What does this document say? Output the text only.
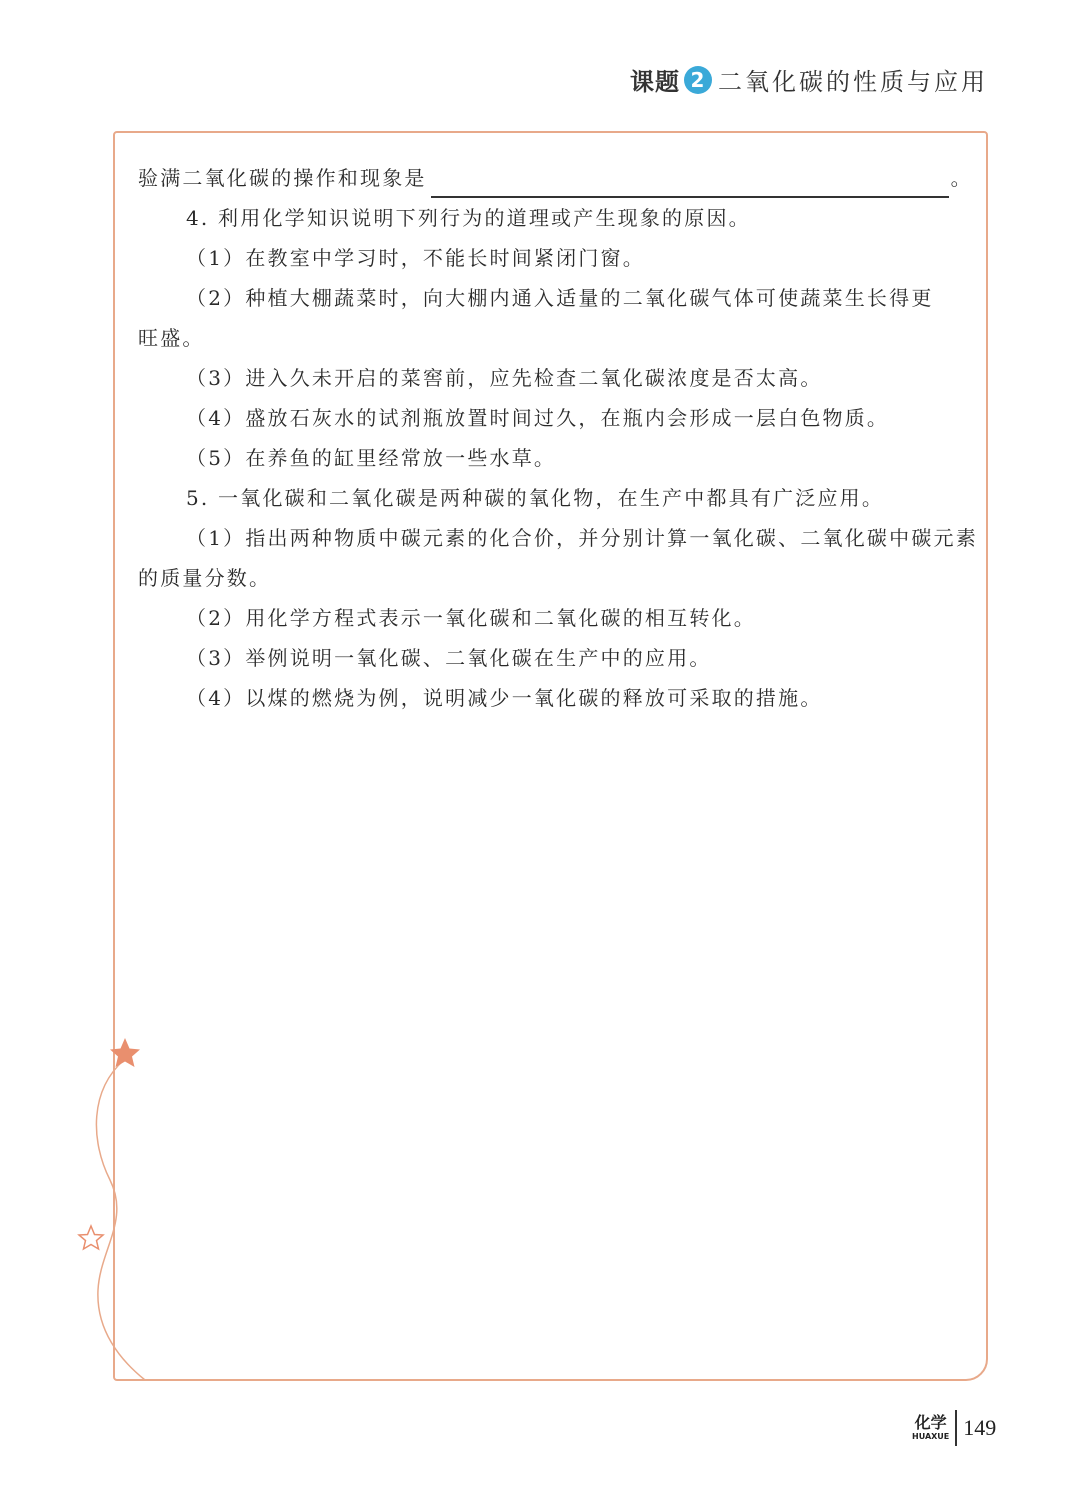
课题 2 二氧化碳的性质与应用
验满二氧化碳的操作和现象是	。
4. 利用化学知识说明下列行为的道理或产生现象的原因。
（1）在教室中学习时，不能长时间紧闭门窗。
（2）种植大棚蔬菜时，向大棚内通入适量的二氧化碳气体可使蔬菜生长得更
旺盛。
（3）进入久未开启的菜窖前，应先检查二氧化碳浓度是否太高。
（4）盛放石灰水的试剂瓶放置时间过久，在瓶内会形成一层白色物质。
（5）在养鱼的缸里经常放一些水草。
5. 一氧化碳和二氧化碳是两种碳的氧化物，在生产中都具有广泛应用。
（1）指出两种物质中碳元素的化合价，并分别计算一氧化碳、二氧化碳中碳元素
的质量分数。
（2）用化学方程式表示一氧化碳和二氧化碳的相互转化。
（3）举例说明一氧化碳、二氧化碳在生产中的应用。
（4）以煤的燃烧为例，说明减少一氧化碳的释放可采取的措施。
化学
HUAXUE 149
